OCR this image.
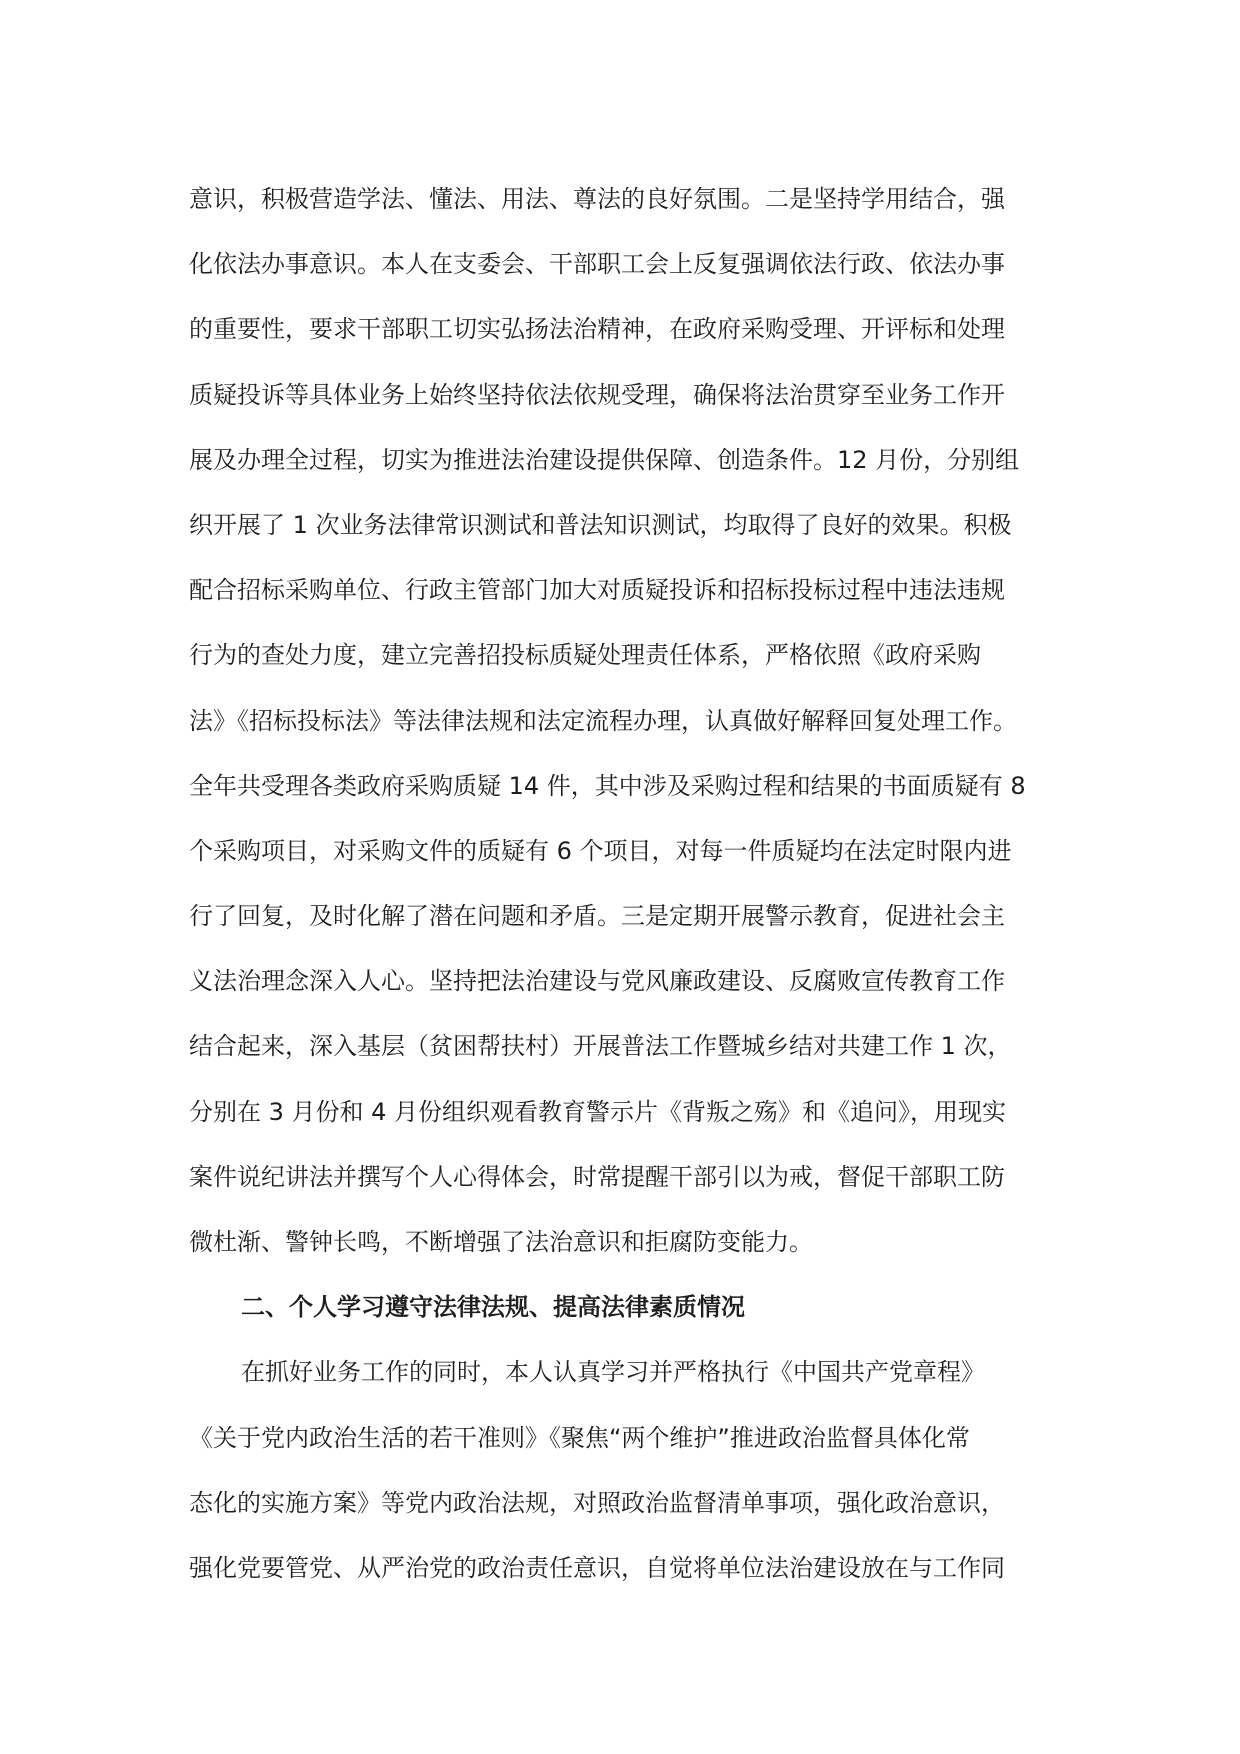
意识，积极营造学法、懂法、用法、尊法的良好氛围。二是坚持学用结合，强
化依法办事意识。本人在支委会、干部职工会上反复强调依法行政、依法办事
的重要性，要求干部职工切实弘扬法治精神，在政府采购受理、开评标和处理
质疑投诉等具体业务上始终坚持依法依规受理，确保将法治贯穿至业务工作开
展及办理全过程，切实为推进法治建设提供保障、创造条件。12 月份，分别组
织开展了 1 次业务法律常识测试和普法知识测试，均取得了良好的效果。积极
配合招标采购单位、行政主管部门加大对质疑投诉和招标投标过程中违法违规
行为的查处力度，建立完善招投标质疑处理责任体系，严格依照《政府采购
法》《招标投标法》等法律法规和法定流程办理，认真做好解释回复处理工作。
全年共受理各类政府采购质疑 14 件，其中涉及采购过程和结果的书面质疑有 8
个采购项目，对采购文件的质疑有 6 个项目，对每一件质疑均在法定时限内进
行了回复，及时化解了潜在问题和矛盾。三是定期开展警示教育，促进社会主
义法治理念深入人心。坚持把法治建设与党风廉政建设、反腐败宣传教育工作
结合起来，深入基层（贫困帮扶村）开展普法工作暨城乡结对共建工作 1 次，
分别在 3 月份和 4 月份组织观看教育警示片《背叛之殇》和《追问》，用现实
案件说纪讲法并撰写个人心得体会，时常提醒干部引以为戒，督促干部职工防
微杜渐、警钟长鸣，不断增强了法治意识和拒腐防变能力。
二、个人学习遵守法律法规、提高法律素质情况
在抓好业务工作的同时，本人认真学习并严格执行《中国共产党章程》
《关于党内政治生活的若干准则》《聚焦“两个维护”推进政治监督具体化常
态化的实施方案》等党内政治法规，对照政治监督清单事项，强化政治意识，
强化党要管党、从严治党的政治责任意识，自觉将单位法治建设放在与工作同
